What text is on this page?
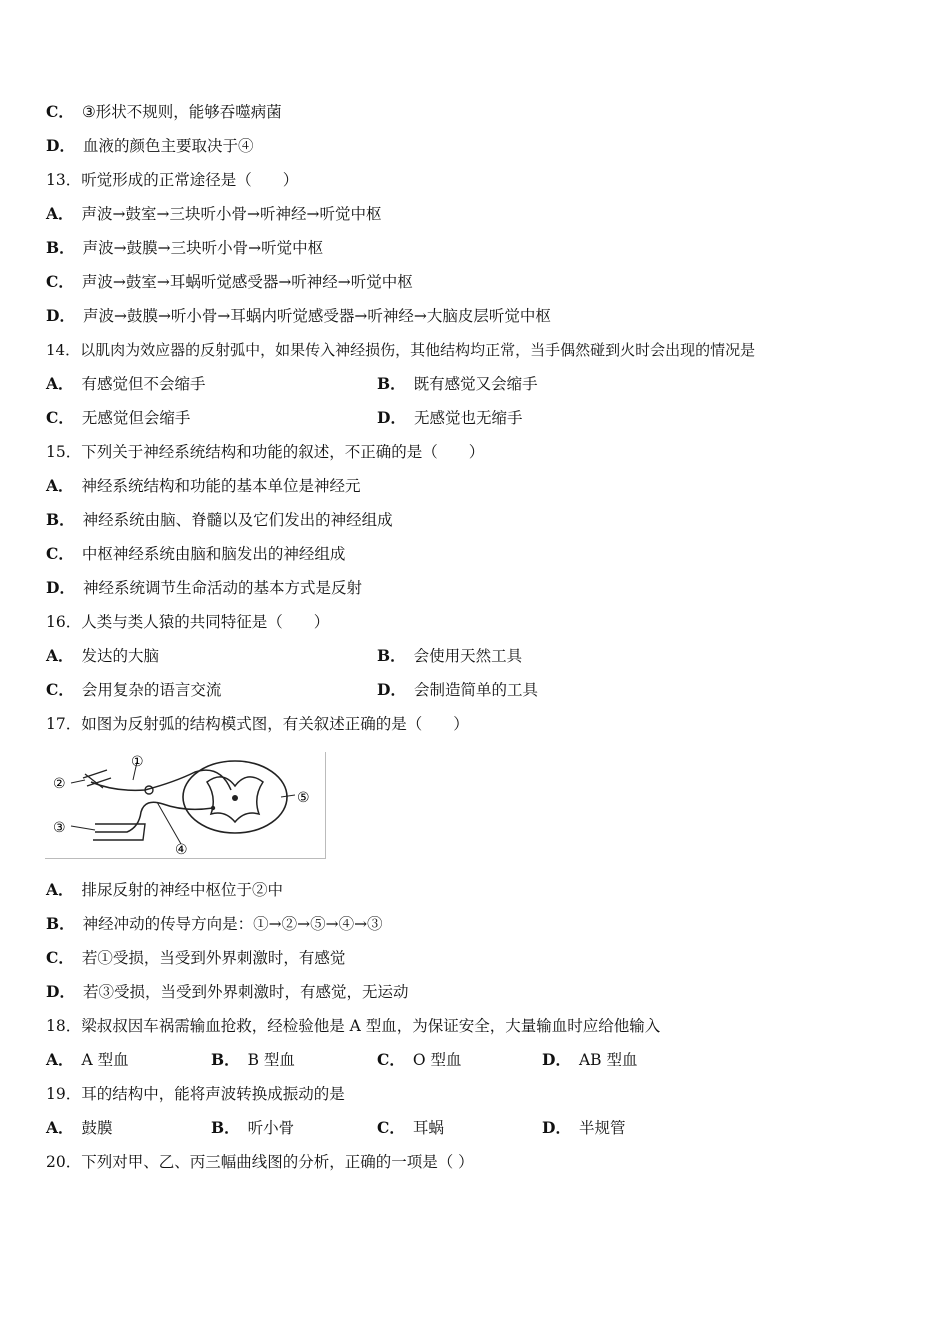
C． ③形状不规则，能够吞噬病菌
D． 血液的颜色主要取决于④
13．听觉形成的正常途径是（　　）
A． 声波→鼓室→三块听小骨→听神经→听觉中枢
B． 声波→鼓膜→三块听小骨→听觉中枢
C． 声波→鼓室→耳蜗听觉感受器→听神经→听觉中枢
D． 声波→鼓膜→听小骨→耳蜗内听觉感受器→听神经→大脑皮层听觉中枢
14．以肌肉为效应器的反射弧中，如果传入神经损伤，其他结构均正常，当手偶然碰到火时会出现的情况是
A． 有感觉但不会缩手	B． 既有感觉又会缩手
C． 无感觉但会缩手	D． 无感觉也无缩手
15．下列关于神经系统结构和功能的叙述，不正确的是（　　）
A． 神经系统结构和功能的基本单位是神经元
B． 神经系统由脑、脊髓以及它们发出的神经组成
C． 中枢神经系统由脑和脑发出的神经组成
D． 神经系统调节生命活动的基本方式是反射
16．人类与类人猿的共同特征是（　　）
A． 发达的大脑	B． 会使用天然工具
C． 会用复杂的语言交流	D． 会制造简单的工具
17．如图为反射弧的结构模式图，有关叙述正确的是（　　）
①
②
③
④
⑤
A． 排尿反射的神经中枢位于②中
B． 神经冲动的传导方向是：①→②→⑤→④→③
C． 若①受损，当受到外界刺激时，有感觉
D． 若③受损，当受到外界刺激时，有感觉，无运动
18．梁叔叔因车祸需输血抢救，经检验他是 A 型血，为保证安全，大量输血时应给他输入
A． A 型血	B． B 型血	C． O 型血	D． AB 型血
19．耳的结构中，能将声波转换成振动的是
A． 鼓膜	B． 听小骨	C． 耳蜗	D． 半规管
20．下列对甲、乙、丙三幅曲线图的分析，正确的一项是（ ）
